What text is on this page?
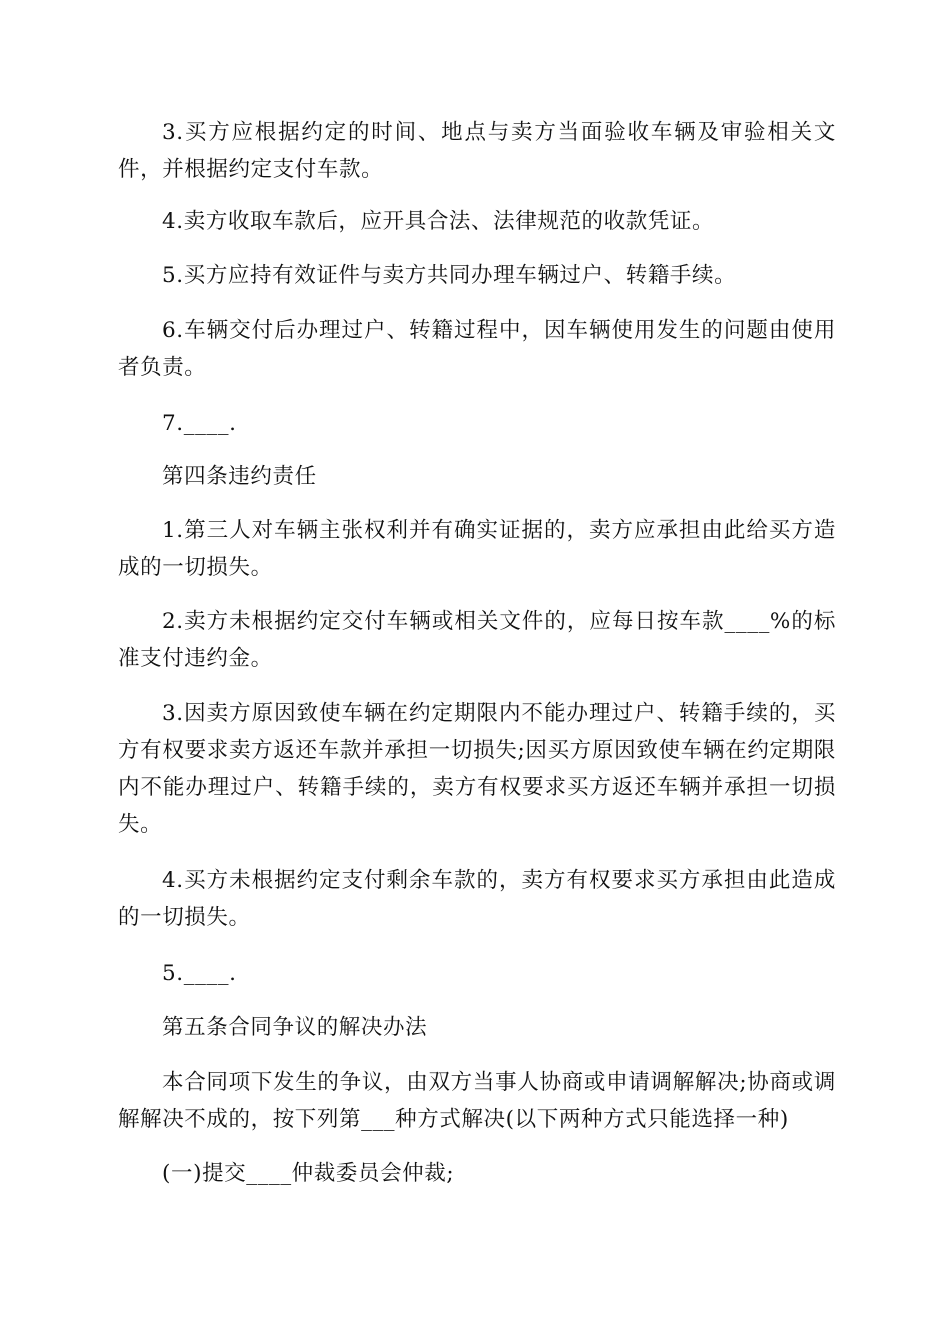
3.买方应根据约定的时间、地点与卖方当面验收车辆及审验相关文件，并根据约定支付车款。

4.卖方收取车款后，应开具合法、法律规范的收款凭证。

5.买方应持有效证件与卖方共同办理车辆过户、转籍手续。

6.车辆交付后办理过户、转籍过程中，因车辆使用发生的问题由使用者负责。

7.____.

第四条违约责任

1.第三人对车辆主张权利并有确实证据的，卖方应承担由此给买方造成的一切损失。

2.卖方未根据约定交付车辆或相关文件的，应每日按车款____%的标准支付违约金。

3.因卖方原因致使车辆在约定期限内不能办理过户、转籍手续的，买方有权要求卖方返还车款并承担一切损失;因买方原因致使车辆在约定期限内不能办理过户、转籍手续的，卖方有权要求买方返还车辆并承担一切损失。

4.买方未根据约定支付剩余车款的，卖方有权要求买方承担由此造成的一切损失。

5.____.

第五条合同争议的解决办法

本合同项下发生的争议，由双方当事人协商或申请调解解决;协商或调解解决不成的，按下列第___种方式解决(以下两种方式只能选择一种)

(一)提交____仲裁委员会仲裁;
